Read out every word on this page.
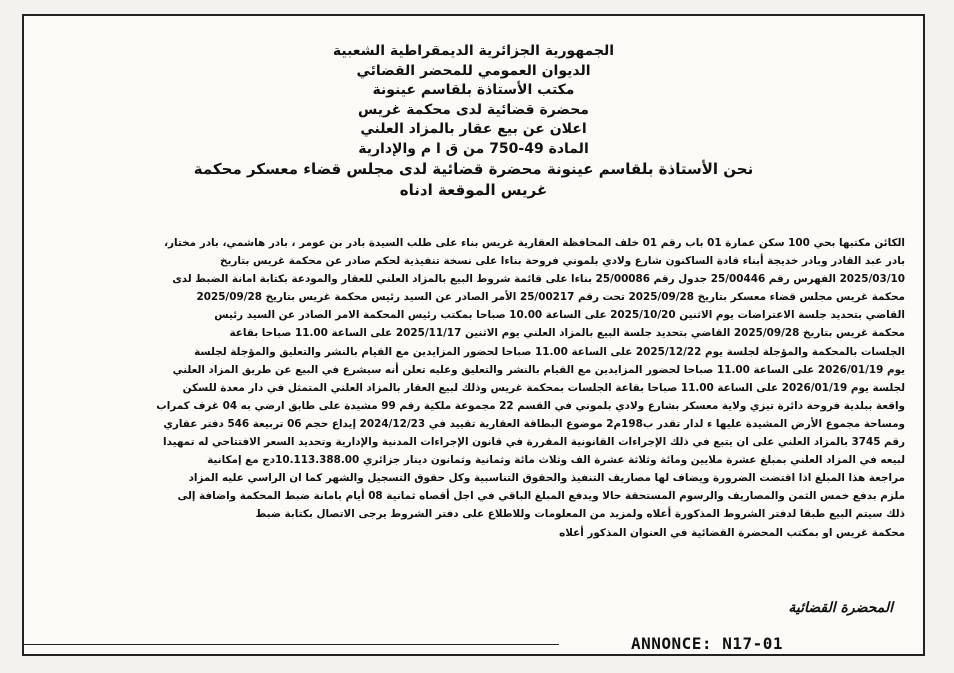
الجمهورية الجزائرية الديمقراطية الشعبية
الديوان العمومي للمحضر القضائي
مكتب الأستاذة بلقاسم عينونة
محضرة قضائية لدى محكمة غريس
اعلان عن بيع عقار بالمزاد العلني
المادة 49-750 من ق ا م والإدارية
نحن الأستاذة بلقاسم عينونة محضرة قضائية لدى مجلس قضاء معسكر محكمة
غريس الموقعة ادناه
الكائن مكتبها بحي 100 سكن عمارة 01 باب رقم 01 خلف المحافظة العقارية غريس بناء على طلب السيدة بادر بن عومر ، بادر هاشمي، بادر مختار،
بادر عبد القادر وبادر خديجة أبناء قادة الساكنون شارع ولادي بلموني فروحة بناءا على نسخة تنفيذية لحكم صادر عن محكمة غريس بتاريخ
2025/03/10 الفهرس رقم 25/00446 جدول رقم 25/00086 بناءا على قائمة شروط البيع بالمزاد العلني للعقار والمودعة بكتابة امانة الضبط لدى
محكمة غريس مجلس قضاء معسكر بتاريخ 2025/09/28 تحت رقم 25/00217 الأمر الصادر عن السيد رئيس محكمة غريس بتاريخ 2025/09/28
القاضي بتحديد جلسة الاعتراضات يوم الاثنين 2025/10/20 على الساعة 10.00 صباحا بمكتب رئيس المحكمة الامر الصادر عن السيد رئيس
محكمة غريس بتاريخ 2025/09/28 القاضي بتحديد جلسة البيع بالمزاد العلني يوم الاثنين 2025/11/17 على الساعة 11.00 صباحا بقاعة
الجلسات بالمحكمة والمؤجلة لجلسة يوم 2025/12/22 على الساعة 11.00 صباحا لحضور المزايدين مع القيام بالنشر والتعليق والمؤجلة لجلسة
يوم 2026/01/19 على الساعة 11.00 صباحا لحضور المزايدين مع القيام بالنشر والتعليق وعليه تعلن أنه سيشرع في البيع عن طريق المزاد العلني
لجلسة يوم 2026/01/19 على الساعة 11.00 صباحا بقاعة الجلسات بمحكمة غريس وذلك لبيع العقار بالمزاد العلني المتمثل في دار معدة للسكن
واقعة ببلدية فروحة دائرة تيزي ولاية معسكر بشارع ولادي بلموني في القسم 22 مجموعة ملكية رقم 99 مشيدة على طابق ارضي به 04 غرف كمراب
ومساحة مجموع الأرض المشيدة عليها ء لدار تقدر ب198م2 موضوع البطاقة العقارية تقييد في 2024/12/23 إيداع حجم 06 تربيعة 546 دفتر عقاري
رقم 3745 بالمزاد العلني على ان يتبع في ذلك الإجراءات القانونية المقررة في قانون الإجراءات المدنية والإدارية وتحديد السعر الافتتاحي له تمهيدا
لبيعه في المزاد العلني بمبلغ عشرة ملايين ومائة وثلاثة عشرة الف وثلاث مائة وثمانية وثمانون دينار جزائري 10.113.388.00دج مع إمكانية
مراجعة هذا المبلغ اذا اقتضت الضرورة ويضاف لها مصاريف التنفيذ والحقوق التناسبية وكل حقوق التسجيل والشهر كما ان الراسي عليه المزاد
ملزم بدفع خمس الثمن والمصاريف والرسوم المستحقة حالا ويدفع المبلغ الباقي في اجل أقصاه ثمانية 08 أيام بامانة ضبط المحكمة واضافة إلى
ذلك سيتم البيع طبقا لدفتر الشروط المذكورة أعلاه ولمزيد من المعلومات وللاطلاع على دفتر الشروط يرجى الاتصال بكتابة ضبط
محكمة غريس او بمكتب المحضرة القضائية في العنوان المذكور أعلاه
المحضرة القضائية
ANNONCE: N17-01
